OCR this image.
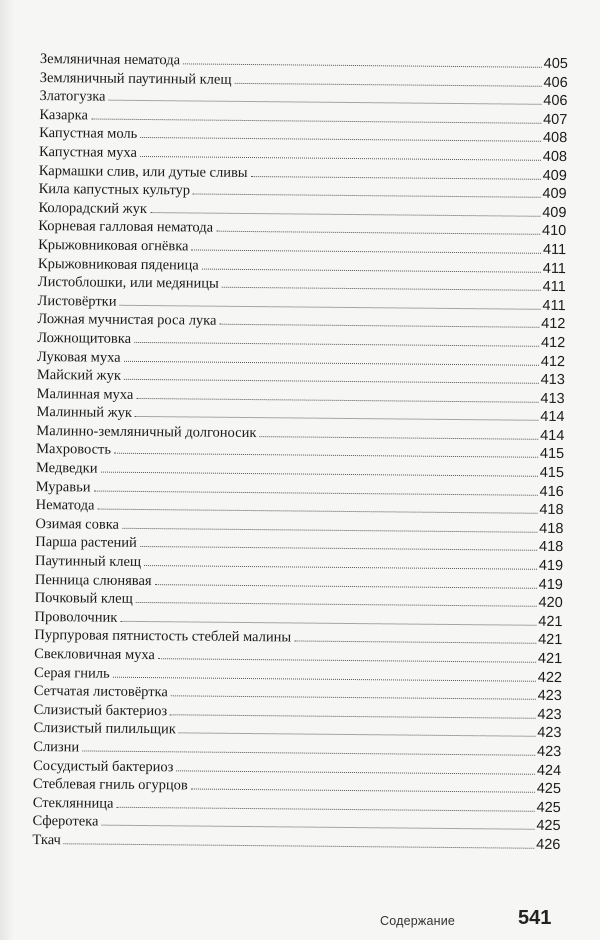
Земляничная нематода	405
Земляничный паутинный клещ	406
Златогузка	406
Казарка	407
Капустная моль	408
Капустная муха	408
Кармашки слив, или дутые сливы	409
Кила капустных культур	409
Колорадский жук	409
Корневая галловая нематода	410
Крыжовниковая огнёвка	411
Крыжовниковая пяденица	411
Листоблошки, или медяницы	411
Листовёртки	411
Ложная мучнистая роса лука	412
Ложнощитовка	412
Луковая муха	412
Майский жук	413
Малинная муха	413
Малинный жук	414
Малинно-земляничный долгоносик	414
Махровость	415
Медведки	415
Муравьи	416
Нематода	418
Озимая совка	418
Парша растений	418
Паутинный клещ	419
Пенница слюнявая	419
Почковый клещ	420
Проволочник	421
Пурпуровая пятнистость стеблей малины	421
Свекловичная муха	421
Серая гниль	422
Сетчатая листовёртка	423
Слизистый бактериоз	423
Слизистый пилильщик	423
Слизни	423
Сосудистый бактериоз	424
Стеблевая гниль огурцов	425
Стеклянница	425
Сферотека	425
Ткач	426
Содержание	541
